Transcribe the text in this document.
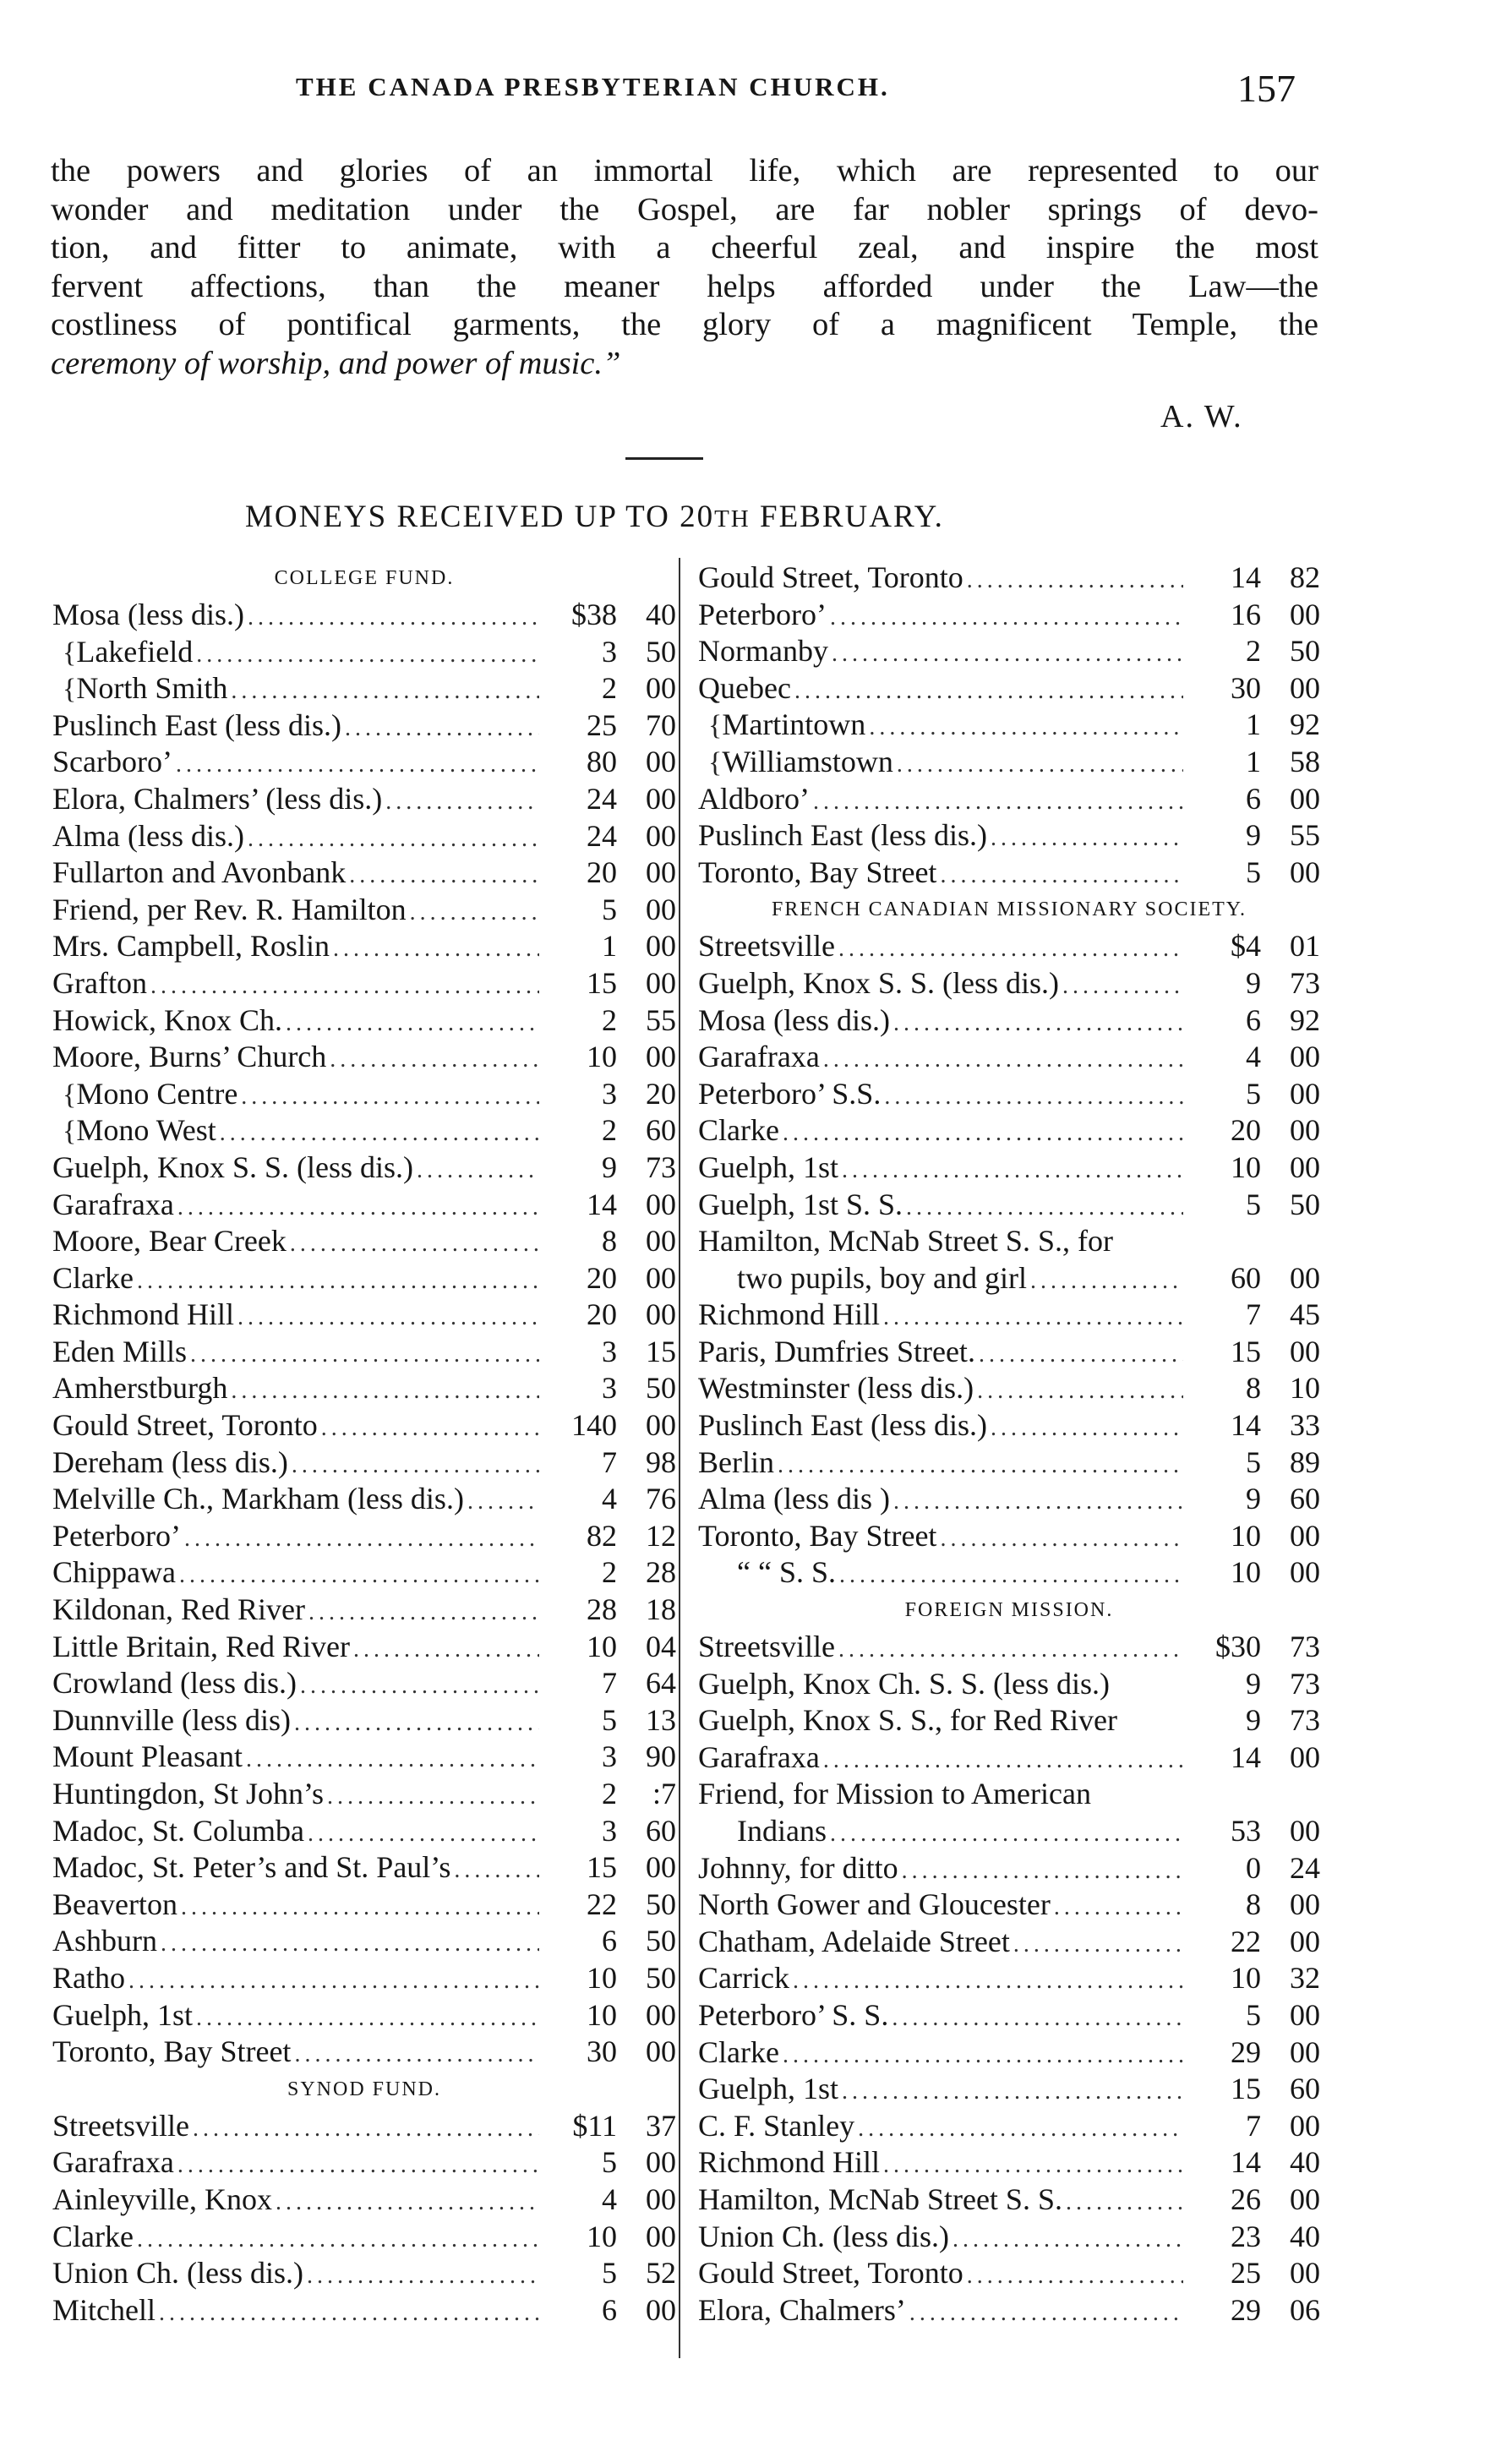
THE CANADA PRESBYTERIAN CHURCH.	157
the powers and glories of an immortal life, which are represented to our
wonder and meditation under the Gospel, are far nobler springs of devo-
tion, and fitter to animate, with a cheerful zeal, and inspire the most
fervent affections, than the meaner helps afforded under the Law—the
costliness of pontifical garments, the glory of a magnificent Temple, the
ceremony of worship, and power of music.”
A. W.
MONEYS RECEIVED UP TO 20TH FEBRUARY.
COLLEGE FUND.
Mosa (less dis.) .....	$38 40
{ Lakefield .....	3 50
{ North Smith .....	2 00
Puslinch East (less dis.) .....	25 70
Scarboro’ .....	80 00
Elora, Chalmers’ (less dis.) .....	24 00
Alma (less dis.) .....	24 00
Fullarton and Avonbank .....	20 00
Friend, per Rev. R. Hamilton .....	5 00
Mrs. Campbell, Roslin .....	1 00
Grafton .....	15 00
Howick, Knox Ch. .....	2 55
Moore, Burns’ Church .....	10 00
{ Mono Centre .....	3 20
{ Mono West .....	2 60
Guelph, Knox S. S. (less dis.) .....	9 73
Garafraxa .....	14 00
Moore, Bear Creek .....	8 00
Clarke .....	20 00
Richmond Hill .....	20 00
Eden Mills .....	3 15
Amherstburgh .....	3 50
Gould Street, Toronto .....	140 00
Dereham (less dis.) .....	7 98
Melville Ch., Markham (less dis.) .....	4 76
Peterboro’ .....	82 12
Chippawa .....	2 28
Kildonan, Red River .....	28 18
Little Britain, Red River .....	10 04
Crowland (less dis.) .....	7 64
Dunnville (less dis) .....	5 13
Mount Pleasant .....	3 90
Huntingdon, St John’s .....	2	:7
Madoc, St. Columba .....	3 60
Madoc, St. Peter’s and St. Paul’s .....	15 00
Beaverton .....	22 50
Ashburn .....	6 50
Ratho .....	10 50
Guelph, 1st .....	10 00
Toronto, Bay Street .....	30 00
SYNOD FUND.
Streetsville .....	$11 37
Garafraxa .....	5 00
Ainleyville, Knox .....	4 00
Clarke .....	10 00
Union Ch. (less dis.) .....	5 52
Mitchell .....	6 00
Gould Street, Toronto .....	14 82
Peterboro’ .....	16 00
Normanby .....	2 50
Quebec .....	30 00
{ Martintown .....	1 92
{ Williamstown .....	1 58
Aldboro’ .....	6 00
Puslinch East (less dis.) .....	9 55
Toronto, Bay Street .....	5 00
FRENCH CANADIAN MISSIONARY SOCIETY.
Streetsville .....	$4 01
Guelph, Knox S. S. (less dis.) .....	9 73
Mosa (less dis.) .....	6 92
Garafraxa .....	4 00
Peterboro’ S.S. .....	5 00
Clarke .....	20 00
Guelph, 1st .....	10 00
Guelph, 1st S. S. .....	5 50
Hamilton, McNab Street S. S., for
two pupils, boy and girl .....	60 00
Richmond Hill .....	7 45
Paris, Dumfries Street. .....	15 00
Westminster (less dis.) .....	8 10
Puslinch East (less dis.) .....	14 33
Berlin .....	5 89
Alma (less dis ) .....	9 60
Toronto, Bay Street .....	10 00
“ “ S. S. .....	10 00
FOREIGN MISSION.
Streetsville .....	$30 73
Guelph, Knox Ch. S. S. (less dis.)	9 73
Guelph, Knox S. S., for Red River	9 73
Garafraxa .....	14 00
Friend, for Mission to American
Indians .....	53 00
Johnny, for ditto .....	0 24
North Gower and Gloucester .....	8 00
Chatham, Adelaide Street .....	22 00
Carrick .....	10 32
Peterboro’ S. S. .....	5 00
Clarke .....	29 00
Guelph, 1st .....	15 60
C. F. Stanley .....	7 00
Richmond Hill .....	14 40
Hamilton, McNab Street S. S. .....	26 00
Union Ch. (less dis.) .....	23 40
Gould Street, Toronto .....	25 00
Elora, Chalmers’ .....	29 06
